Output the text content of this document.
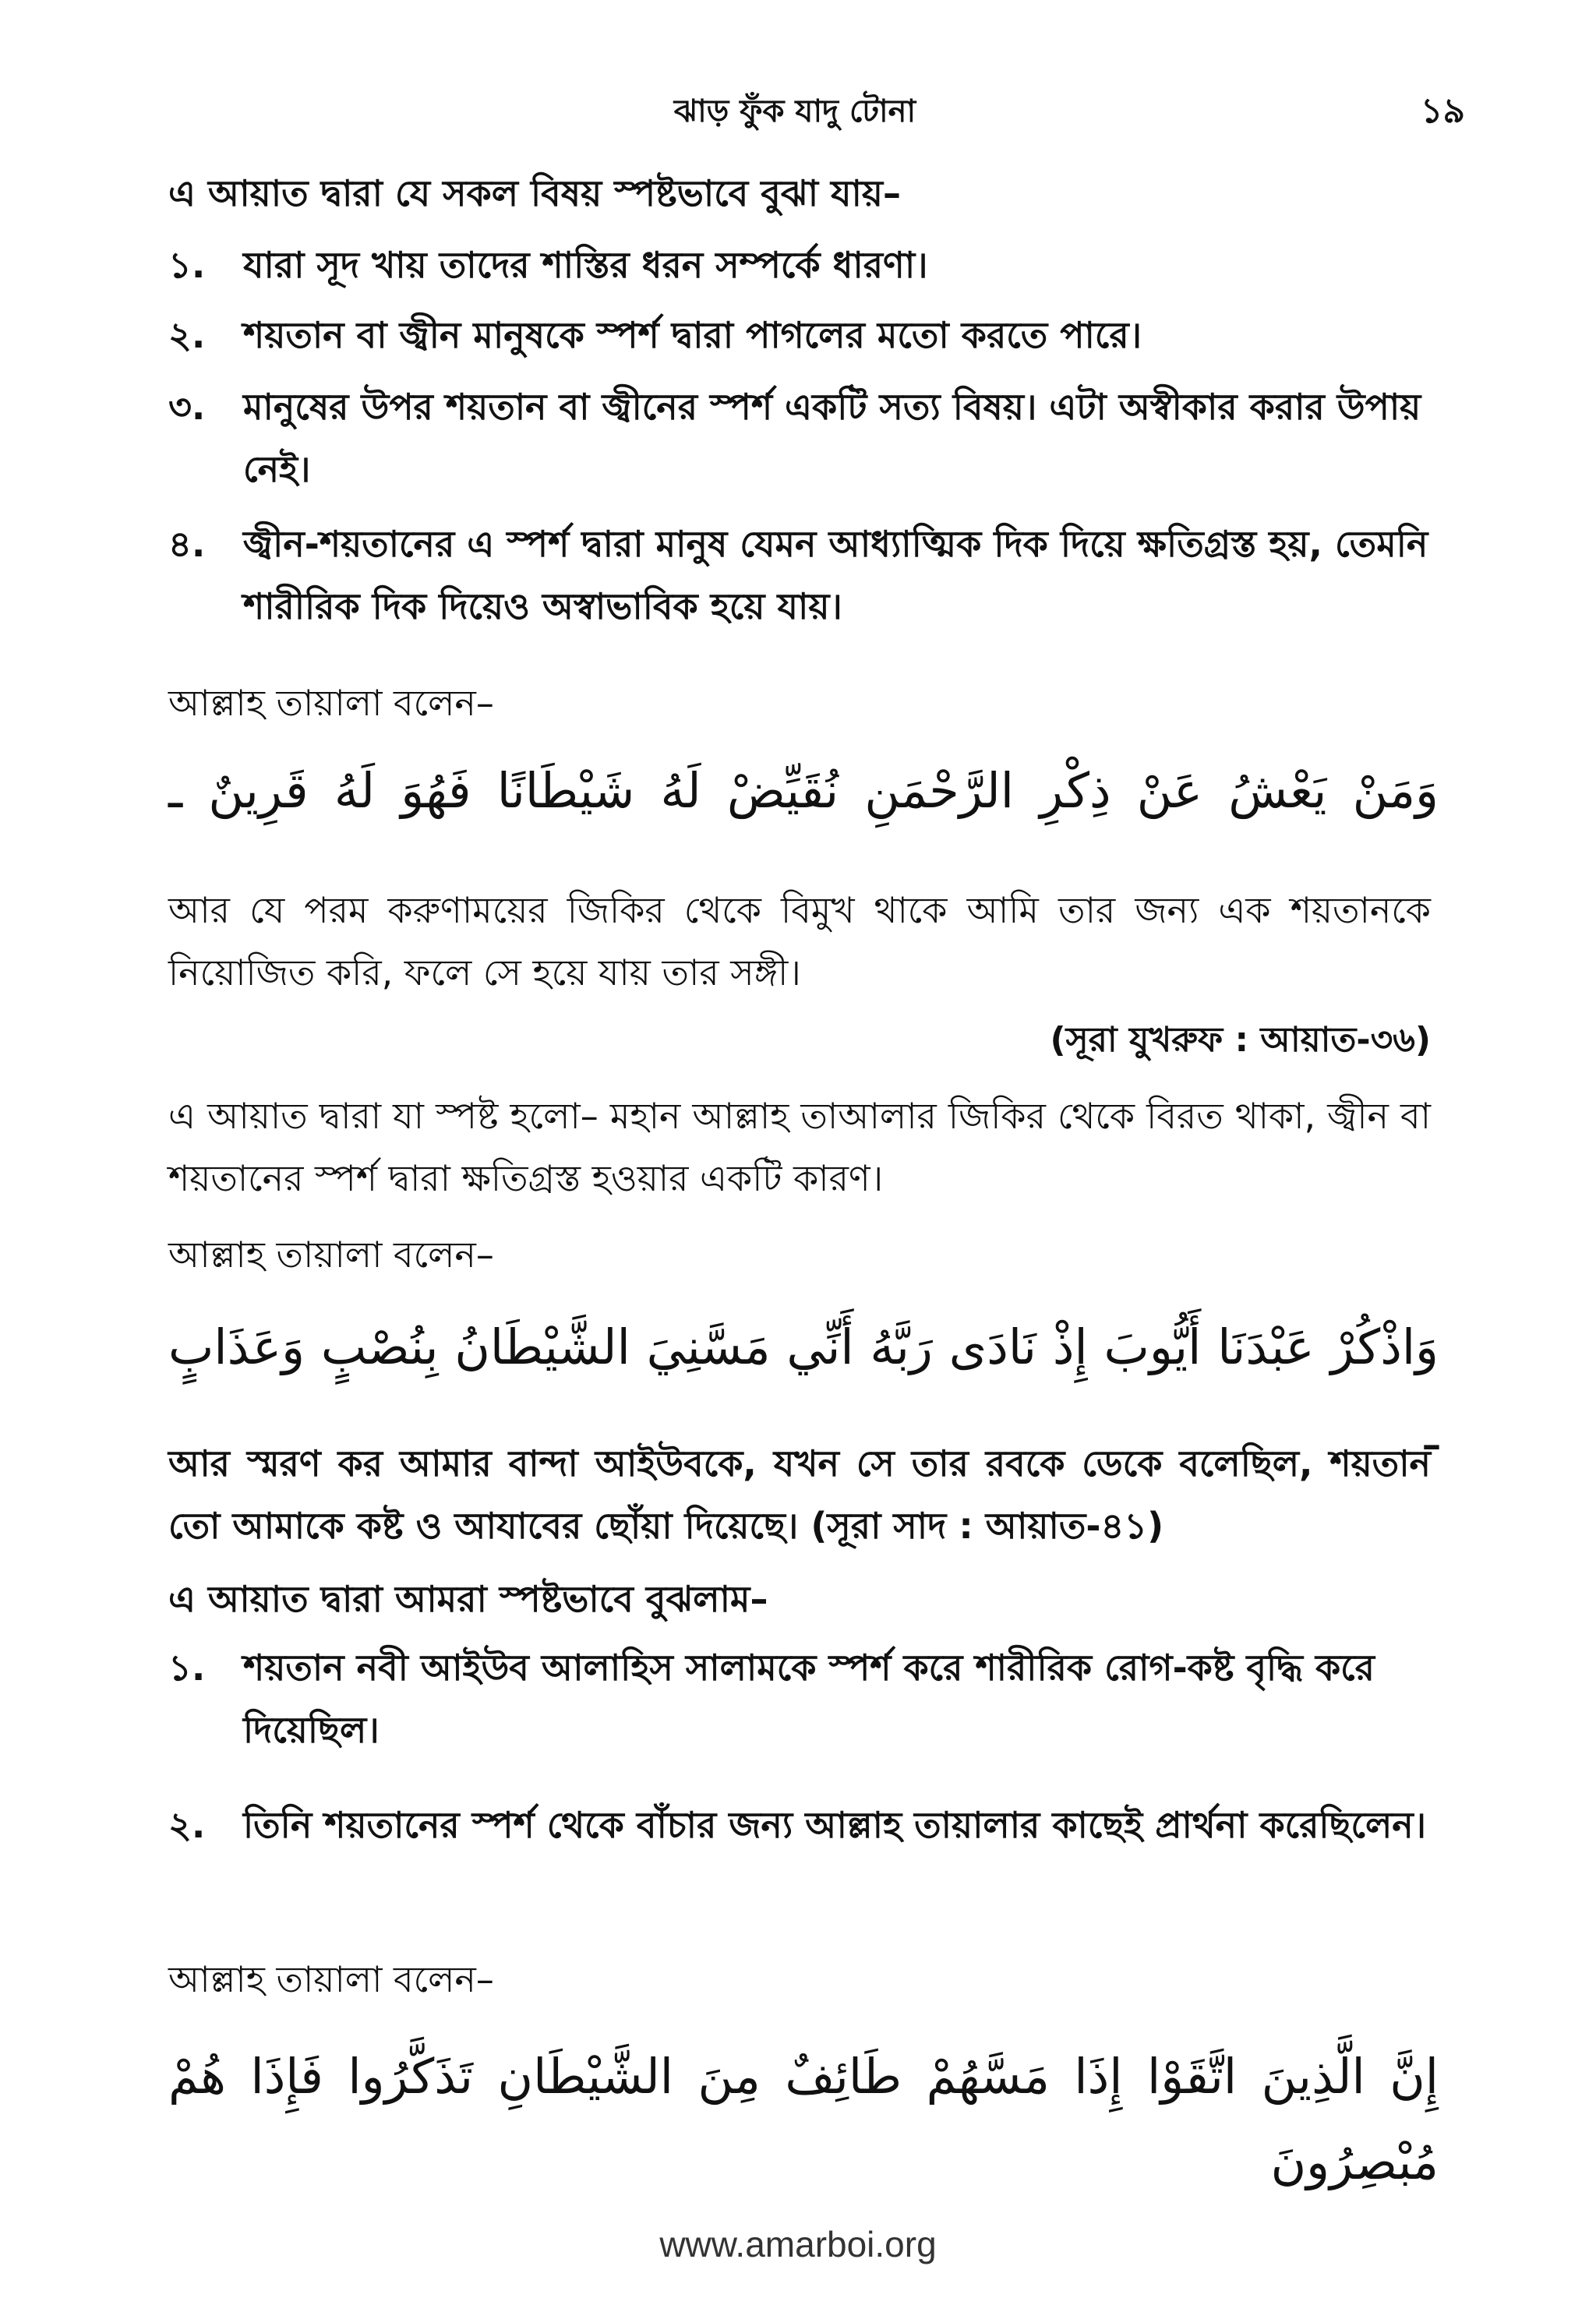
ঝাড় ফুঁক যাদু টোনা	১৯
এ আয়াত দ্বারা যে সকল বিষয় স্পষ্টভাবে বুঝা যায়–
১.	যারা সূদ খায় তাদের শাস্তির ধরন সম্পর্কে ধারণা।
২.	শয়তান বা জ্বীন মানুষকে স্পর্শ দ্বারা পাগলের মতো করতে পারে।
৩.	মানুষের উপর শয়তান বা জ্বীনের স্পর্শ একটি সত্য বিষয়। এটা অস্বীকার করার উপায় নেই।
৪.	জ্বীন-শয়তানের এ স্পর্শ দ্বারা মানুষ যেমন আধ্যাত্মিক দিক দিয়ে ক্ষতিগ্রস্ত হয়, তেমনি শারীরিক দিক দিয়েও অস্বাভাবিক হয়ে যায়।
আল্লাহ তায়ালা বলেন–
وَمَنْ يَعْشُ عَنْ ذِكْرِ الرَّحْمَنِ نُقَيِّضْ لَهُ شَيْطَانًا فَهُوَ لَهُ قَرِينٌ ـ
আর যে পরম করুণাময়ের জিকির থেকে বিমুখ থাকে আমি তার জন্য এক শয়তানকে নিয়োজিত করি, ফলে সে হয়ে যায় তার সঙ্গী।
(সূরা যুখরুফ : আয়াত-৩৬)
এ আয়াত দ্বারা যা স্পষ্ট হলো– মহান আল্লাহ তাআলার জিকির থেকে বিরত থাকা, জ্বীন বা শয়তানের স্পর্শ দ্বারা ক্ষতিগ্রস্ত হওয়ার একটি কারণ।
আল্লাহ তায়ালা বলেন–
وَاذْكُرْ عَبْدَنَا أَيُّوبَ إِذْ نَادَى رَبَّهُ أَنِّي مَسَّنِيَ الشَّيْطَانُ بِنُصْبٍ وَعَذَابٍ ـ
আর স্মরণ কর আমার বান্দা আইউবকে, যখন সে তার রবকে ডেকে বলেছিল, শয়তান তো আমাকে কষ্ট ও আযাবের ছোঁয়া দিয়েছে। (সূরা সাদ : আয়াত-৪১)
এ আয়াত দ্বারা আমরা স্পষ্টভাবে বুঝলাম–
১.	শয়তান নবী আইউব আলাহিস সালামকে স্পর্শ করে শারীরিক রোগ-কষ্ট বৃদ্ধি করে দিয়েছিল।
২.	তিনি শয়তানের স্পর্শ থেকে বাঁচার জন্য আল্লাহ তায়ালার কাছেই প্রার্থনা করেছিলেন।
আল্লাহ তায়ালা বলেন–
إِنَّ الَّذِينَ اتَّقَوْا إِذَا مَسَّهُمْ طَائِفٌ مِنَ الشَّيْطَانِ تَذَكَّرُوا فَإِذَا هُمْ مُبْصِرُونَ
www.amarboi.org
